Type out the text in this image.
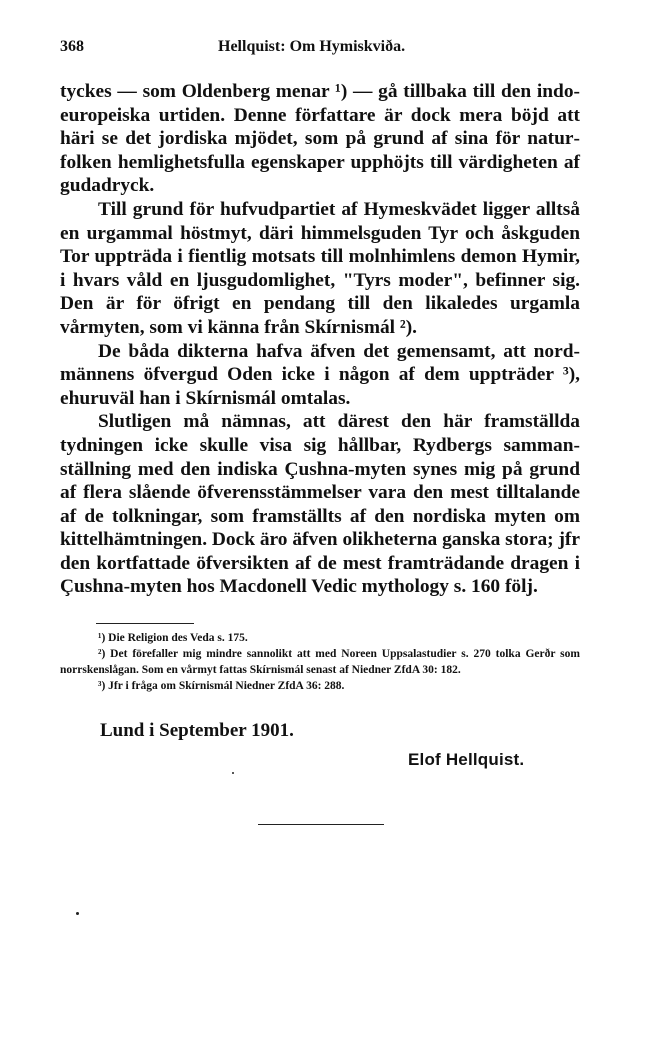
368	Hellquist: Om Hymiskviða.

tyckes — som Oldenberg menar ¹) — gå tillbaka till den indoeuropeiska urtiden. Denne författare är dock mera böjd att häri se det jordiska mjödet, som på grund af sina för naturfolken hemlighetsfulla egenskaper upphöjts till värdigheten af gudadryck.

Till grund för hufvudpartiet af Hymeskvädet ligger alltså en urgammal höstmyt, däri himmelsguden Tyr och åskguden Tor uppträda i fientlig motsats till molnhimlens demon Hymir, i hvars våld en ljusgudomlighet, "Tyrs moder", befinner sig. Den är för öfrigt en pendang till den likaledes urgamla vårmyten, som vi känna från Skírnismál ²).

De båda dikterna hafva äfven det gemensamt, att nordmännens öfvergud Oden icke i någon af dem uppträder ³), ehuruväl han i Skírnismál omtalas.

Slutligen må nämnas, att därest den här framställda tydningen icke skulle visa sig hållbar, Rydbergs sammanställning med den indiska Çushna-myten synes mig på grund af flera slående öfverensstämmelser vara den mest tilltalande af de tolkningar, som framställts af den nordiska myten om kittelhämtningen. Dock äro äfven olikheterna ganska stora; jfr den kortfattade öfversikten af de mest framträdande dragen i Çushna-myten hos Macdonell Vedic mythology s. 160 följ.

¹) Die Religion des Veda s. 175.

²) Det förefaller mig mindre sannolikt att med Noreen Uppsalastudier s. 270 tolka Gerðr som norrskenslågan. Som en vårmyt fattas Skírnismál senast af Niedner ZfdA 30: 182.

³) Jfr i fråga om Skírnismál Niedner ZfdA 36: 288.

Lund i September 1901.
Elof Hellquist.
